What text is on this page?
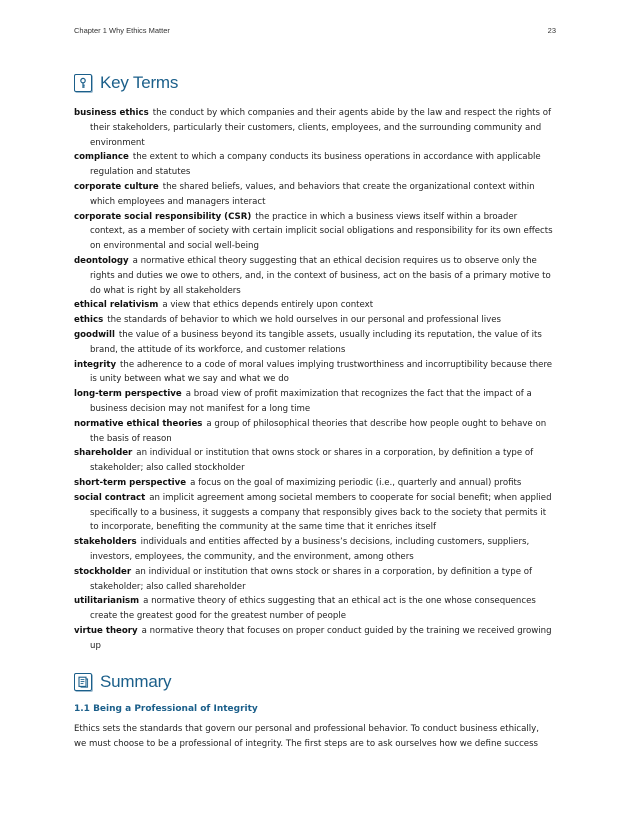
Chapter 1 Why Ethics Matter	23
Key Terms

business ethics the conduct by which companies and their agents abide by the law and respect the rights of their stakeholders, particularly their customers, clients, employees, and the surrounding community and environment

compliance the extent to which a company conducts its business operations in accordance with applicable regulation and statutes

corporate culture the shared beliefs, values, and behaviors that create the organizational context within which employees and managers interact

corporate social responsibility (CSR) the practice in which a business views itself within a broader context, as a member of society with certain implicit social obligations and responsibility for its own effects on environmental and social well-being

deontology a normative ethical theory suggesting that an ethical decision requires us to observe only the rights and duties we owe to others, and, in the context of business, act on the basis of a primary motive to do what is right by all stakeholders

ethical relativism a view that ethics depends entirely upon context

ethics the standards of behavior to which we hold ourselves in our personal and professional lives

goodwill the value of a business beyond its tangible assets, usually including its reputation, the value of its brand, the attitude of its workforce, and customer relations

integrity the adherence to a code of moral values implying trustworthiness and incorruptibility because there is unity between what we say and what we do

long-term perspective a broad view of profit maximization that recognizes the fact that the impact of a business decision may not manifest for a long time

normative ethical theories a group of philosophical theories that describe how people ought to behave on the basis of reason

shareholder an individual or institution that owns stock or shares in a corporation, by definition a type of stakeholder; also called stockholder

short-term perspective a focus on the goal of maximizing periodic (i.e., quarterly and annual) profits

social contract an implicit agreement among societal members to cooperate for social benefit; when applied specifically to a business, it suggests a company that responsibly gives back to the society that permits it to incorporate, benefiting the community at the same time that it enriches itself

stakeholders individuals and entities affected by a business’s decisions, including customers, suppliers, investors, employees, the community, and the environment, among others

stockholder an individual or institution that owns stock or shares in a corporation, by definition a type of stakeholder; also called shareholder

utilitarianism a normative theory of ethics suggesting that an ethical act is the one whose consequences create the greatest good for the greatest number of people

virtue theory a normative theory that focuses on proper conduct guided by the training we received growing up

Summary
1.1 Being a Professional of Integrity

Ethics sets the standards that govern our personal and professional behavior. To conduct business ethically, we must choose to be a professional of integrity. The first steps are to ask ourselves how we define success
